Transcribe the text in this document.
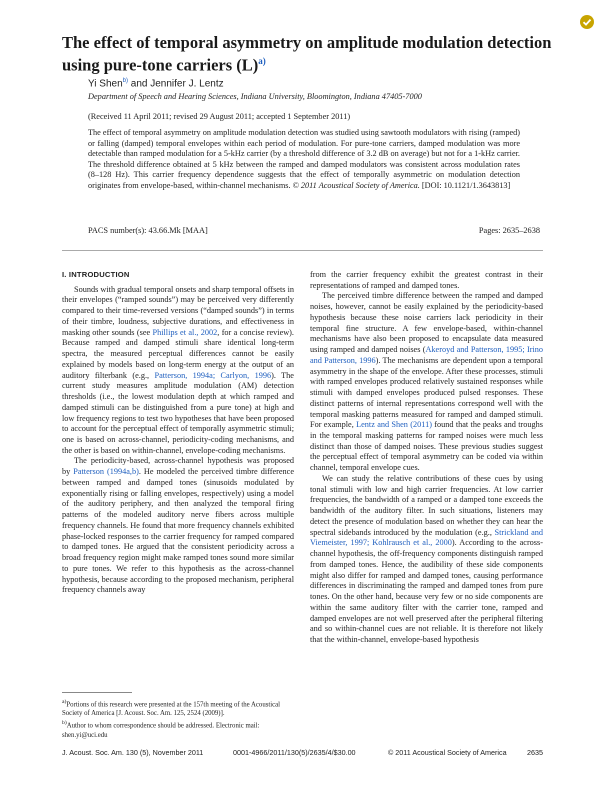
The effect of temporal asymmetry on amplitude modulation detection using pure-tone carriers $(L)^{a)}$
Yi Shen$^{b)}$ and Jennifer J. Lentz
Department of Speech and Hearing Sciences, Indiana University, Bloomington, Indiana 47405-7000
(Received 11 April 2011; revised 29 August 2011; accepted 1 September 2011)
The effect of temporal asymmetry on amplitude modulation detection was studied using sawtooth modulators with rising (ramped) or falling (damped) temporal envelopes within each period of modulation. For pure-tone carriers, damped modulation was more detectable than ramped modulation for a 5-kHz carrier (by a threshold difference of 3.2 dB on average) but not for a 1-kHz carrier. The threshold difference obtained at 5 kHz between the ramped and damped modulators was consistent across modulation rates (8–128 Hz). This carrier frequency dependence suggests that the effect of temporally asymmetric on modulation detection originates from envelope-based, within-channel mechanisms. © 2011 Acoustical Society of America. [DOI: 10.1121/1.3643813]
PACS number(s): 43.66.Mk [MAA]	Pages: 2635–2638
I. INTRODUCTION

Sounds with gradual temporal onsets and sharp temporal offsets in their envelopes (“ramped sounds”) may be perceived very differently compared to their time-reversed versions (“damped sounds”) in terms of their timbre, loudness, subjective durations, and effectiveness in masking other sounds (see Phillips et al., 2002, for a concise review). Because ramped and damped stimuli share identical long-term spectra, the measured perceptual differences cannot be easily explained by models based on long-term energy at the output of an auditory filterbank (e.g., Patterson, 1994a; Carlyon, 1996). The current study measures amplitude modulation (AM) detection thresholds (i.e., the lowest modulation depth at which ramped and damped stimuli can be distinguished from a pure tone) at high and low frequency regions to test two hypotheses that have been proposed to account for the perceptual effect of temporally asymmetric stimuli; one is based on across-channel, periodicity-coding mechanisms, and the other is based on within-channel, envelope-coding mechanisms.

The periodicity-based, across-channel hypothesis was proposed by Patterson (1994a,b). He modeled the perceived timbre difference between ramped and damped tones (sinusoids modulated by exponentially rising or falling envelopes, respectively) using a model of the auditory periphery, and then analyzed the temporal firing patterns of the modeled auditory nerve fibers across multiple frequency channels. He found that more frequency channels exhibited phase-locked responses to the carrier frequency for ramped compared to damped tones. He argued that the consistent periodicity across a broad frequency region might make ramped tones sound more similar to pure tones. We refer to this hypothesis as the across-channel hypothesis, because according to the proposed mechanism, peripheral frequency channels away

from the carrier frequency exhibit the greatest contrast in their representations of ramped and damped tones.

The perceived timbre difference between the ramped and damped noises, however, cannot be easily explained by the periodicity-based hypothesis because these noise carriers lack periodicity in their temporal fine structure. A few envelope-based, within-channel mechanisms have also been proposed to encapsulate data measured using ramped and damped noises (Akeroyd and Patterson, 1995; Irino and Patterson, 1996). The mechanisms are dependent upon a temporal asymmetry in the shape of the envelope. After these processes, stimuli with ramped envelopes produced relatively sustained responses while stimuli with damped envelopes produced pulsed responses. These distinct patterns of internal representations correspond well with the temporal masking patterns measured for ramped and damped stimuli. For example, Lentz and Shen (2011) found that the peaks and troughs in the temporal masking patterns for ramped noises were much less distinct than those of damped noises. These previous studies suggest the perceptual effect of temporal asymmetry can be coded via within channel, temporal envelope cues.

We can study the relative contributions of these cues by using tonal stimuli with low and high carrier frequencies. At low carrier frequencies, the bandwidth of a ramped or a damped tone exceeds the bandwidth of the auditory filter. In such situations, listeners may detect the presence of modulation based on whether they can hear the spectral sidebands introduced by the modulation (e.g., Strickland and Viemeister, 1997; Kohlrausch et al., 2000). According to the across-channel hypothesis, the off-frequency components distinguish ramped from damped tones. Hence, the audibility of these side components might also differ for ramped and damped tones, causing performance differences in discriminating the ramped and damped tones from pure tones. On the other hand, because very few or no side components are within the same auditory filter with the carrier tone, ramped and damped envelopes are not well preserved after the peripheral filtering and so within-channel cues are not reliable. It is therefore not likely that the within-channel, envelope-based hypothesis

$^{a)}$Portions of this research were presented at the 157th meeting of the Acoustical Society of America [J. Acoust. Soc. Am. 125, 2524 (2009)].

$^{b)}$Author to whom correspondence should be addressed. Electronic mail: shen.yi@uci.edu

J. Acoust. Soc. Am. 130 (5), November 2011	0001-4966/2011/130(5)/2635/4/$30.00	© 2011 Acoustical Society of America	2635
